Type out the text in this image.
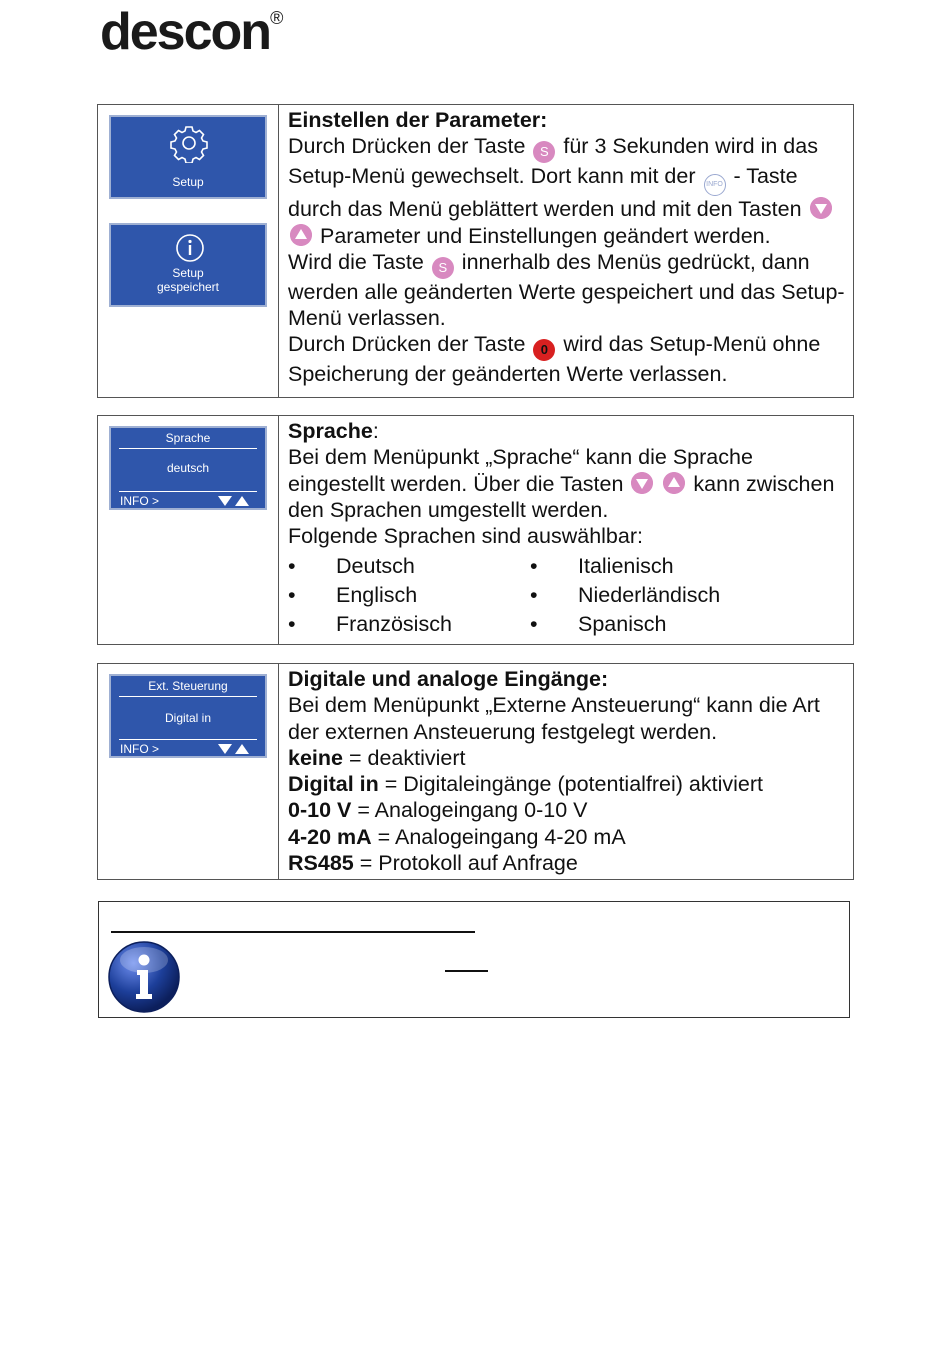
descon®
Setup
Setup
gespeichert
Einstellen der Parameter:
Durch Drücken der Taste S für 3 Sekunden wird in das Setup-Menü gewechselt. Dort kann mit der INFO - Taste durch das Menü geblättert werden und mit den Tasten   Parameter und Einstellungen geändert werden.
Wird die Taste S innerhalb des Menüs gedrückt, dann werden alle geänderten Werte gespeichert und das Setup-Menü verlassen.
Durch Drücken der Taste 0 wird das Setup-Menü ohne Speicherung der geänderten Werte verlassen.
Sprache
deutsch
INFO >
Sprache:
Bei dem Menüpunkt „Sprache“ kann die Sprache eingestellt werden. Über die Tasten	kann zwischen den Sprachen umgestellt werden.
Folgende Sprachen sind auswählbar:
•	Deutsch	•	Italienisch
•	Englisch	•	Niederländisch
•	Französisch	•	Spanisch
Ext. Steuerung
Digital in
INFO >
Digitale und analoge Eingänge:
Bei dem Menüpunkt „Externe Ansteuerung“ kann die Art der externen Ansteuerung festgelegt werden.
keine = deaktiviert
Digital in = Digitaleingänge (potentialfrei) aktiviert
0-10 V = Analogeingang 0-10 V
4-20 mA = Analogeingang 4-20 mA
RS485 = Protokoll auf Anfrage
